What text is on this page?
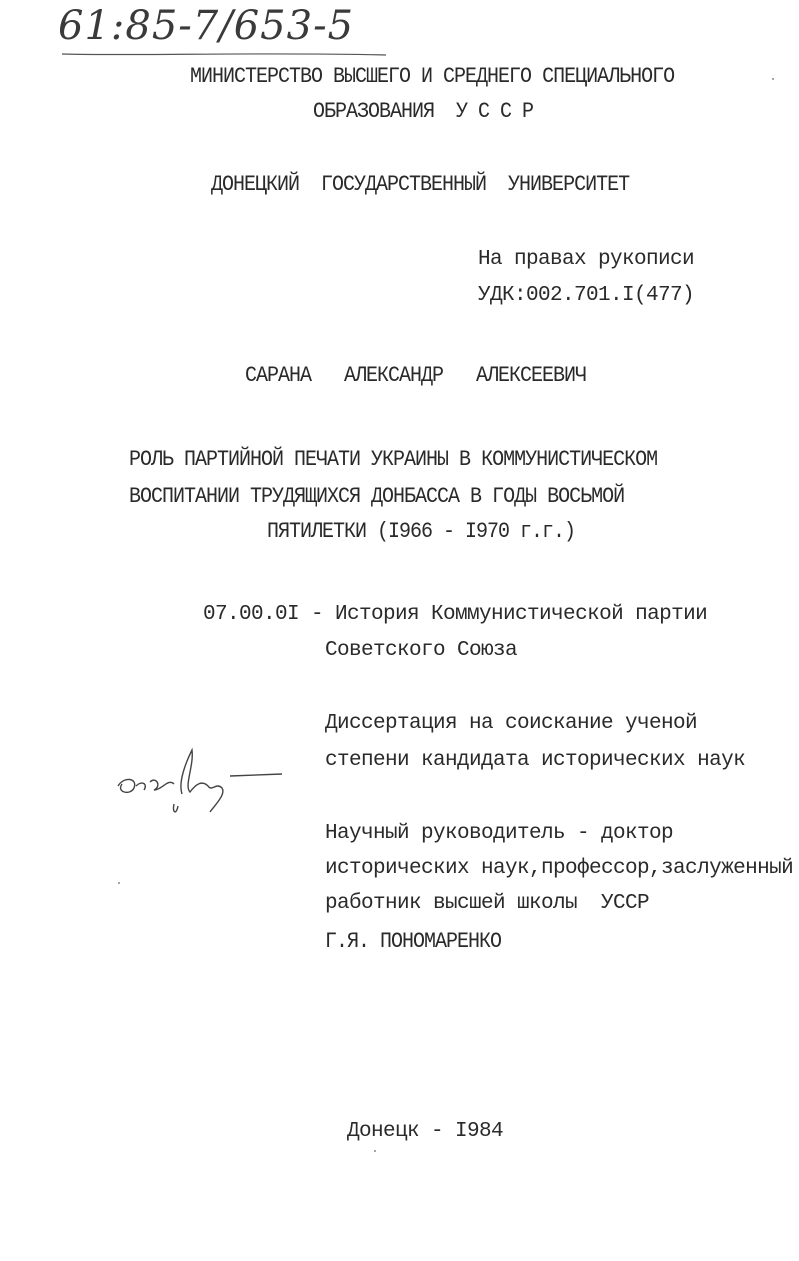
61:85-7/653-5
МИНИСТЕРСТВО ВЫСШЕГО И СРЕДНЕГО СПЕЦИАЛЬНОГО
ОБРАЗОВАНИЯ  У С С Р
ДОНЕЦКИЙ  ГОСУДАРСТВЕННЫЙ  УНИВЕРСИТЕТ
На правах рукописи
УДК:002.701.I(477)
САРАНА   АЛЕКСАНДР   АЛЕКСЕЕВИЧ
РОЛЬ ПАРТИЙНОЙ ПЕЧАТИ УКРАИНЫ В КОММУНИСТИЧЕСКОМ
ВОСПИТАНИИ ТРУДЯЩИХСЯ ДОНБАССА В ГОДЫ ВОСЬМОЙ
ПЯТИЛЕТКИ (I966 - I970 г.г.)
07.00.0I - История Коммунистической партии
Советского Союза
Диссертация на соискание ученой
степени кандидата исторических наук
Научный руководитель - доктор
исторических наук,профессор,заслуженный
работник высшей школы  УССР
Г.Я. ПОНОМАРЕНКО
Донецк - I984
